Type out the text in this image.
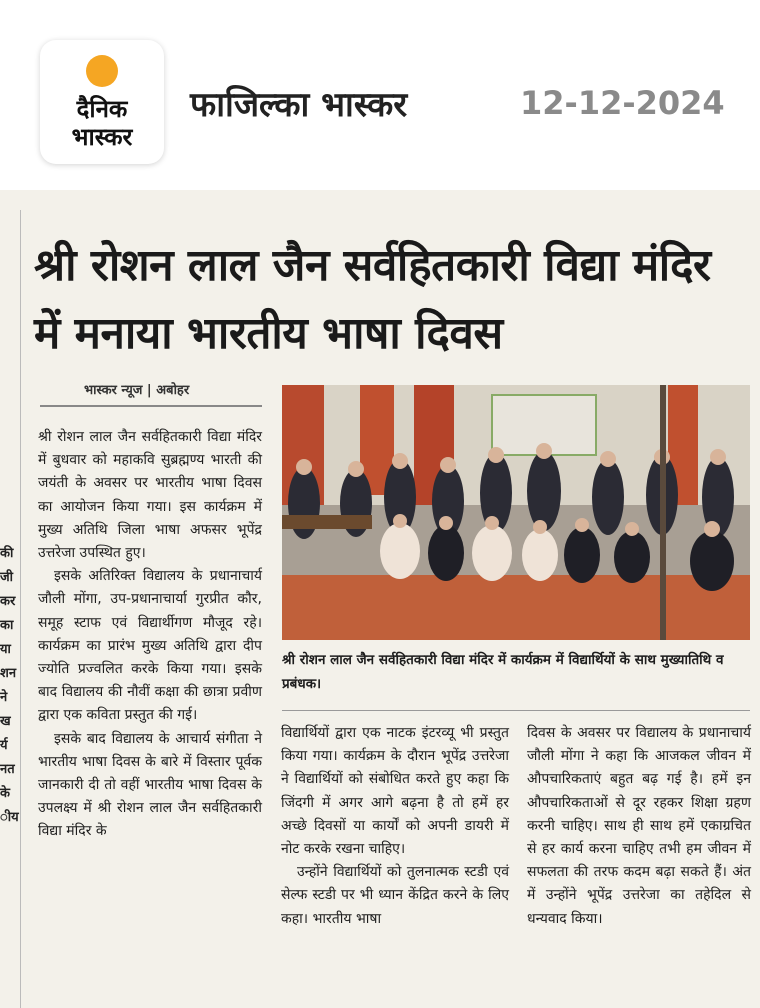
दैनिक
भास्कर
फाजिल्का भास्कर	12-12-2024
की
जी
कर
का
या
शन
ने
ख
र्य
नत
के
ीय
श्री रोशन लाल जैन सर्वहितकारी विद्या मंदिर में मनाया भारतीय भाषा दिवस
भास्कर न्यूज | अबोहर

श्री रोशन लाल जैन सर्वहितकारी विद्या मंदिर में बुधवार को महाकवि सुब्रह्मण्य भारती की जयंती के अवसर पर भारतीय भाषा दिवस का आयोजन किया गया। इस कार्यक्रम में मुख्य अतिथि जिला भाषा अफसर भूपेंद्र उत्तरेजा उपस्थित हुए।

इसके अतिरिक्त विद्यालय के प्रधानाचार्य जौली मोंगा, उप-प्रधानाचार्या गुरप्रीत कौर, समूह स्टाफ एवं विद्यार्थीगण मौजूद रहे। कार्यक्रम का प्रारंभ मुख्य अतिथि द्वारा दीप ज्योति प्रज्वलित करके किया गया। इसके बाद विद्यालय की नौवीं कक्षा की छात्रा प्रवीण द्वारा एक कविता प्रस्तुत की गई।

इसके बाद विद्यालय के आचार्य संगीता ने भारतीय भाषा दिवस के बारे में विस्तार पूर्वक जानकारी दी तो वहीं भारतीय भाषा दिवस के उपलक्ष्य में श्री रोशन लाल जैन सर्वहितकारी विद्या मंदिर के

श्री रोशन लाल जैन सर्वहितकारी विद्या मंदिर में कार्यक्रम में विद्यार्थियों के साथ मुख्यातिथि व प्रबंधक।

विद्यार्थियों द्वारा एक नाटक इंटरव्यू भी प्रस्तुत किया गया। कार्यक्रम के दौरान भूपेंद्र उत्तरेजा ने विद्यार्थियों को संबोधित करते हुए कहा कि जिंदगी में अगर आगे बढ़ना है तो हमें हर अच्छे दिवसों या कार्यों को अपनी डायरी में नोट करके रखना चाहिए।

उन्होंने विद्यार्थियों को तुलनात्मक स्टडी एवं सेल्फ स्टडी पर भी ध्यान केंद्रित करने के लिए कहा। भारतीय भाषा

दिवस के अवसर पर विद्यालय के प्रधानाचार्य जौली मोंगा ने कहा कि आजकल जीवन में औपचारिकताएं बहुत बढ़ गई है। हमें इन औपचारिकताओं से दूर रहकर शिक्षा ग्रहण करनी चाहिए। साथ ही साथ हमें एकाग्रचित से हर कार्य करना चाहिए तभी हम जीवन में सफलता की तरफ कदम बढ़ा सकते हैं। अंत में उन्होंने भूपेंद्र उत्तरेजा का तहेदिल से धन्यवाद किया।
